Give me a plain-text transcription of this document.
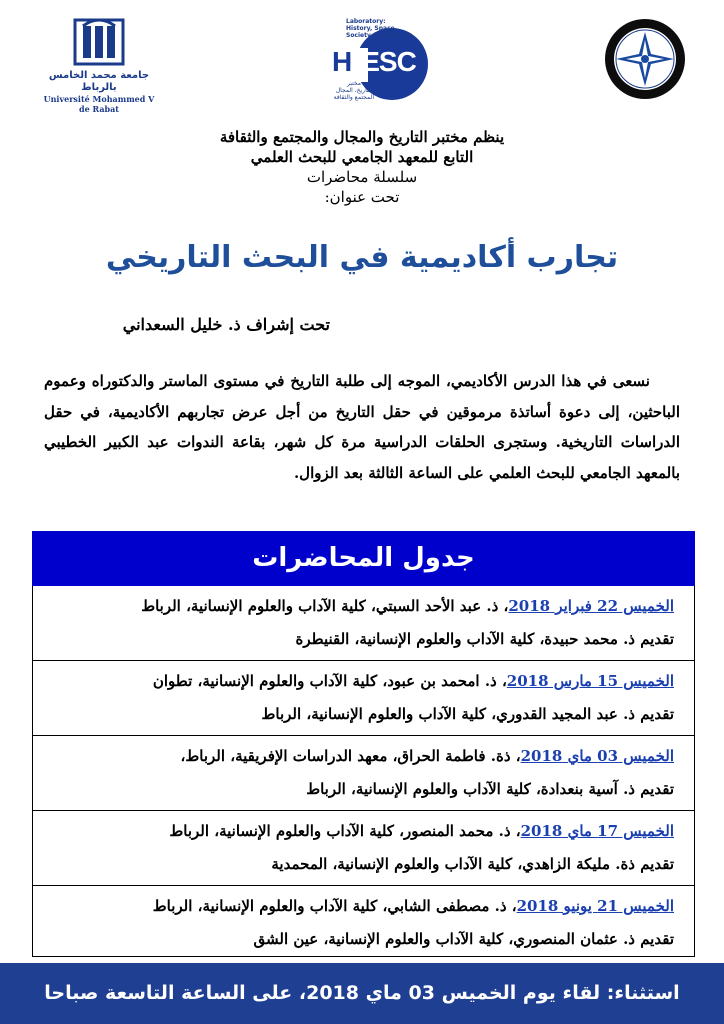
جامعة محمد الخامس بالرباط
Université Mohammed V de Rabat
Laboratory:
History, Space,
Society and Culture
H ESC
مختبر
التاريخ، المجال
المجتمع والثقافة
ينظم مختبر التاريخ والمجال والمجتمع والثقافة
التابع للمعهد الجامعي للبحث العلمي
سلسلة محاضرات
تحت عنوان:
تجارب أكاديمية في البحث التاريخي
تحت إشراف ذ. خليل السعداني
نسعى في هذا الدرس الأكاديمي، الموجه إلى طلبة التاريخ في مستوى الماستر والدكتوراه وعموم الباحثين، إلى دعوة أساتذة مرموقين في حقل التاريخ من أجل عرض تجاربهم الأكاديمية، في حقل الدراسات التاريخية. وستجرى الحلقات الدراسية مرة كل شهر، بقاعة الندوات عبد الكبير الخطيبي بالمعهد الجامعي للبحث العلمي على الساعة الثالثة بعد الزوال.
جدول المحاضرات
الخميس 22 فبراير 2018، ذ. عبد الأحد السبتي، كلية الآداب والعلوم الإنسانية، الرباط
تقديم ذ. محمد حبيدة، كلية الآداب والعلوم الإنسانية، القنيطرة
الخميس 15 مارس 2018، ذ. امحمد بن عبود، كلية الآداب والعلوم الإنسانية، تطوان
تقديم ذ. عبد المجيد القدوري، كلية الآداب والعلوم الإنسانية، الرباط
الخميس 03 ماي 2018، ذة. فاطمة الحراق، معهد الدراسات الإفريقية، الرباط،
تقديم ذ. آسية بنعدادة، كلية الآداب والعلوم الإنسانية، الرباط
الخميس 17 ماي 2018، ذ. محمد المنصور، كلية الآداب والعلوم الإنسانية، الرباط
تقديم ذة. مليكة الزاهدي، كلية الآداب والعلوم الإنسانية، المحمدية
الخميس 21 يونيو 2018، ذ. مصطفى الشابي، كلية الآداب والعلوم الإنسانية، الرباط
تقديم ذ. عثمان المنصوري، كلية الآداب والعلوم الإنسانية، عين الشق
استثناء: لقاء يوم الخميس 03 ماي 2018، على الساعة التاسعة صباحا
